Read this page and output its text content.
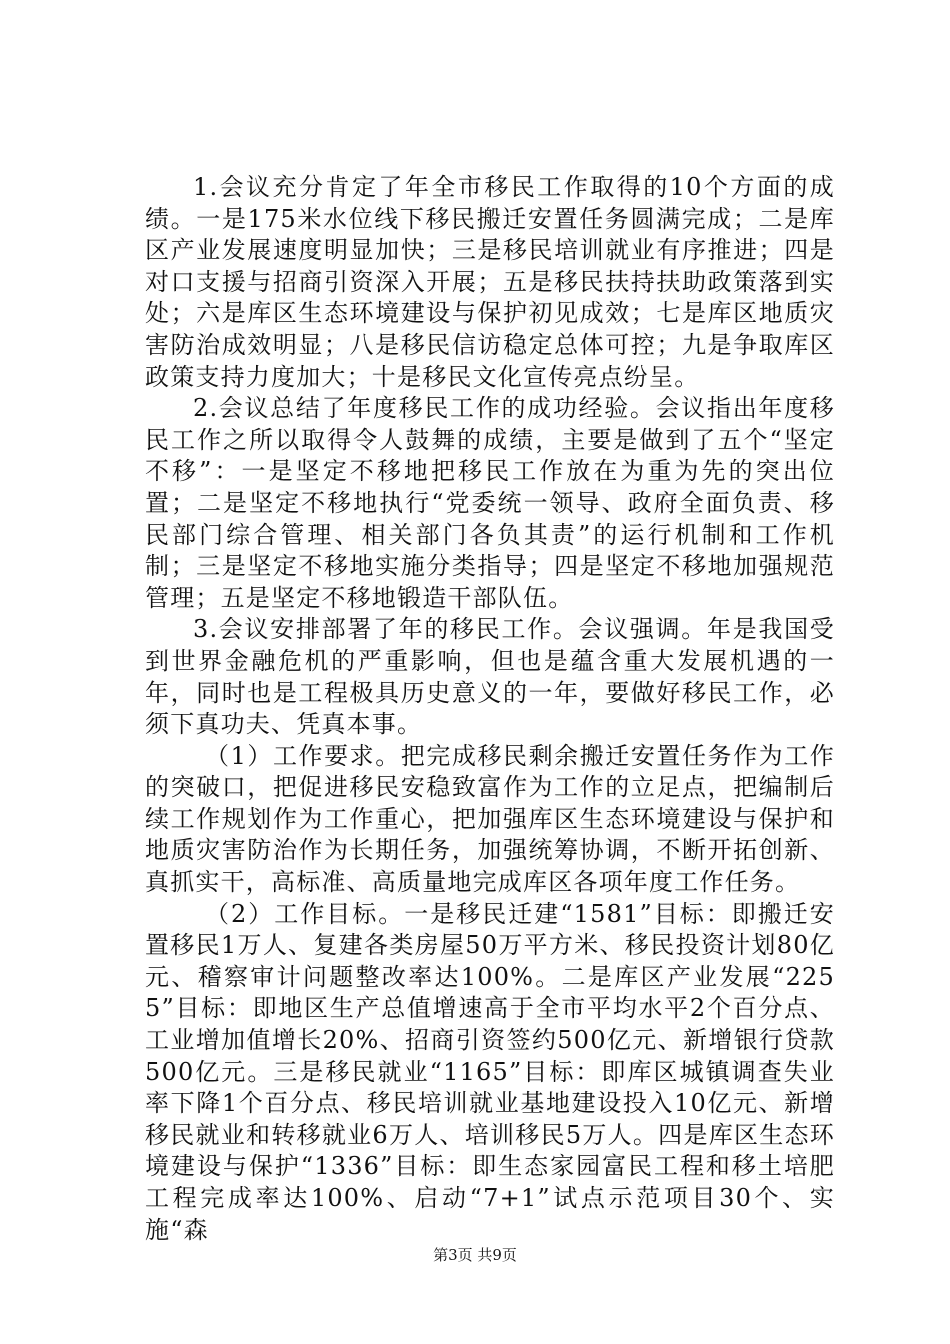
1.会议充分肯定了年全市移民工作取得的10个方面的成绩。一是175米水位线下移民搬迁安置任务圆满完成；二是库区产业发展速度明显加快；三是移民培训就业有序推进；四是对口支援与招商引资深入开展；五是移民扶持扶助政策落到实处；六是库区生态环境建设与保护初见成效；七是库区地质灾害防治成效明显；八是移民信访稳定总体可控；九是争取库区政策支持力度加大；十是移民文化宣传亮点纷呈。

2.会议总结了年度移民工作的成功经验。会议指出年度移民工作之所以取得令人鼓舞的成绩，主要是做到了五个“坚定不移”：一是坚定不移地把移民工作放在为重为先的突出位置；二是坚定不移地执行“党委统一领导、政府全面负责、移民部门综合管理、相关部门各负其责”的运行机制和工作机制；三是坚定不移地实施分类指导；四是坚定不移地加强规范管理；五是坚定不移地锻造干部队伍。

3.会议安排部署了年的移民工作。会议强调。年是我国受到世界金融危机的严重影响，但也是蕴含重大发展机遇的一年，同时也是工程极具历史意义的一年，要做好移民工作，必须下真功夫、凭真本事。

（1）工作要求。把完成移民剩余搬迁安置任务作为工作的突破口，把促进移民安稳致富作为工作的立足点，把编制后续工作规划作为工作重心，把加强库区生态环境建设与保护和地质灾害防治作为长期任务，加强统筹协调，不断开拓创新、真抓实干，高标准、高质量地完成库区各项年度工作任务。

（2）工作目标。一是移民迁建“1581”目标：即搬迁安置移民1万人、复建各类房屋50万平方米、移民投资计划80亿元、稽察审计问题整改率达100%。二是库区产业发展“2255”目标：即地区生产总值增速高于全市平均水平2个百分点、工业增加值增长20%、招商引资签约500亿元、新增银行贷款500亿元。三是移民就业“1165”目标：即库区城镇调查失业率下降1个百分点、移民培训就业基地建设投入10亿元、新增移民就业和转移就业6万人、培训移民5万人。四是库区生态环境建设与保护“1336”目标：即生态家园富民工程和移土培肥工程完成率达100%、启动“7+1”试点示范项目30个、实施“森

第3页 共9页
